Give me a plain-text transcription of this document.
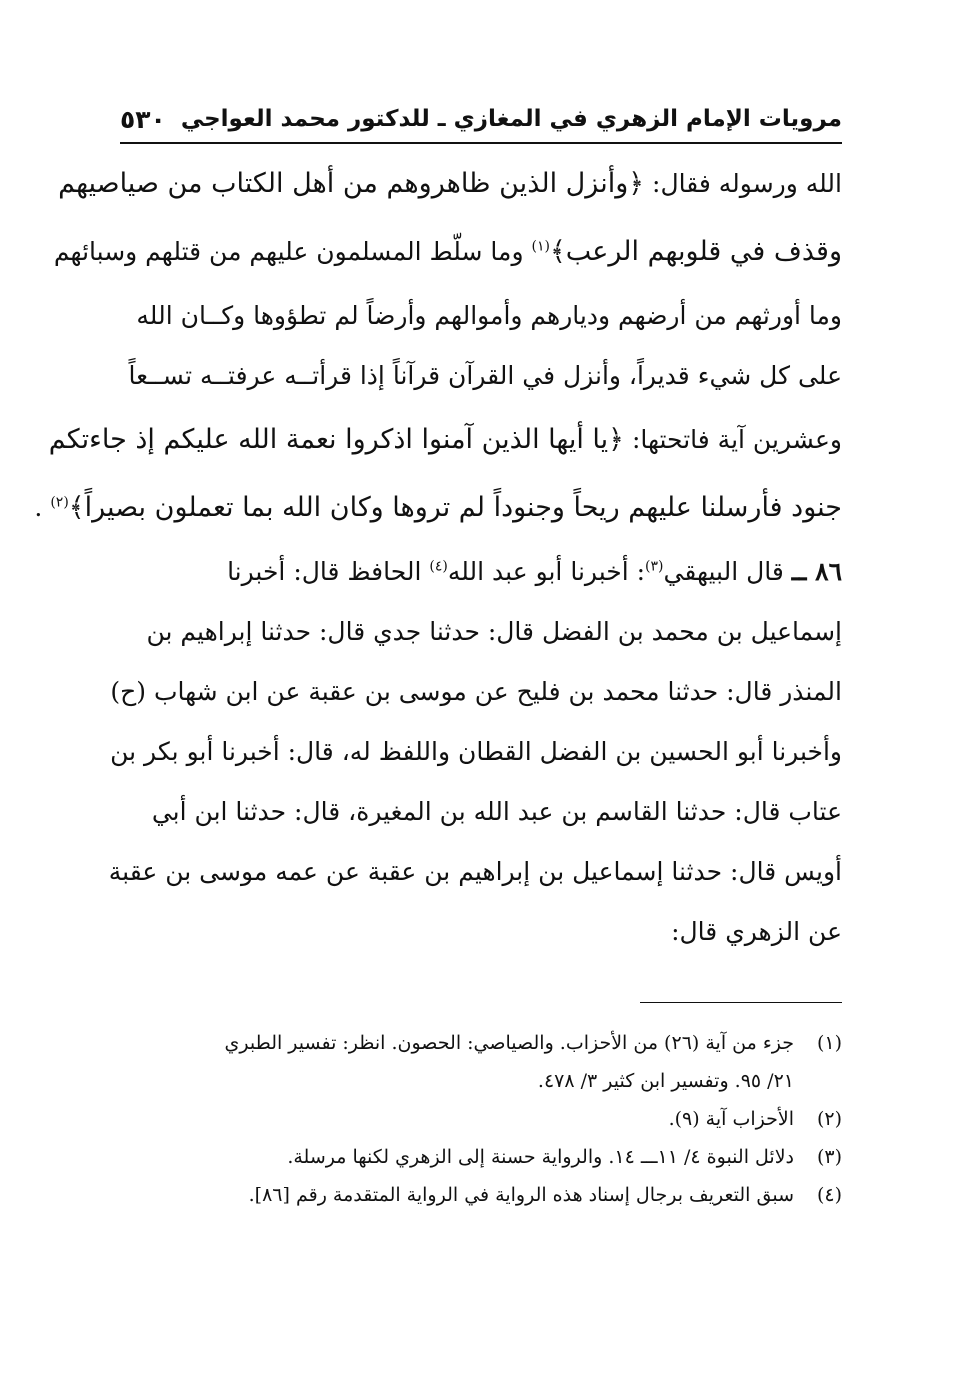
مرويات الإمام الزهري في المغازي ـ للدكتور محمد العواجي
٥٣٠
الله ورسوله فقال: ﴿وأنزل الذين ظاهروهم من أهل الكتاب من صياصيهم
وقذف في قلوبهم الرعب﴾$^{(١)}$ وما سلّط المسلمون عليهم من قتلهم وسبائهم
وما أورثهم من أرضهم وديارهم وأموالهم وأرضاً لم تطؤوها وكــان الله
على كل شيء قديراً، وأنزل في القرآن قرآناً إذا قرأتــه عرفتــه تســعاً
وعشرين آية فاتحتها: ﴿يا أيها الذين آمنوا اذكروا نعمة الله عليكم إذ جاءتكم
جنود فأرسلنا عليهم ريحاً وجنوداً لم تروها وكان الله بما تعملون بصيراً﴾$^{(٢)}$ .
٨٦ ــ قال البيهقي$^{(٣)}$: أخبرنا أبو عبد الله$^{(٤)}$ الحافظ قال: أخبرنا
إسماعيل بن محمد بن الفضل قال: حدثنا جدي قال: حدثنا إبراهيم بن
المنذر قال: حدثنا محمد بن فليح عن موسى بن عقبة عن ابن شهاب (ح)
وأخبرنا أبو الحسين بن الفضل القطان واللفظ له، قال: أخبرنا أبو بكر بن
عتاب قال: حدثنا القاسم بن عبد الله بن المغيرة، قال: حدثنا ابن أبي
أويس قال: حدثنا إسماعيل بن إبراهيم بن عقبة عن عمه موسى بن عقبة
عن الزهري قال:
(١)
جزء من آية (٢٦) من الأحزاب. والصياصي: الحصون. انظر: تفسير الطبري
٢١/ ٩٥. وتفسير ابن كثير ٣/ ٤٧٨.
(٢)
الأحزاب آية (٩).
(٣)
دلائل النبوة ٤/ ١١ـــ ١٤. والرواية حسنة إلى الزهري لكنها مرسلة.
(٤)
سبق التعريف برجال إسناد هذه الرواية في الرواية المتقدمة رقم [٨٦].
